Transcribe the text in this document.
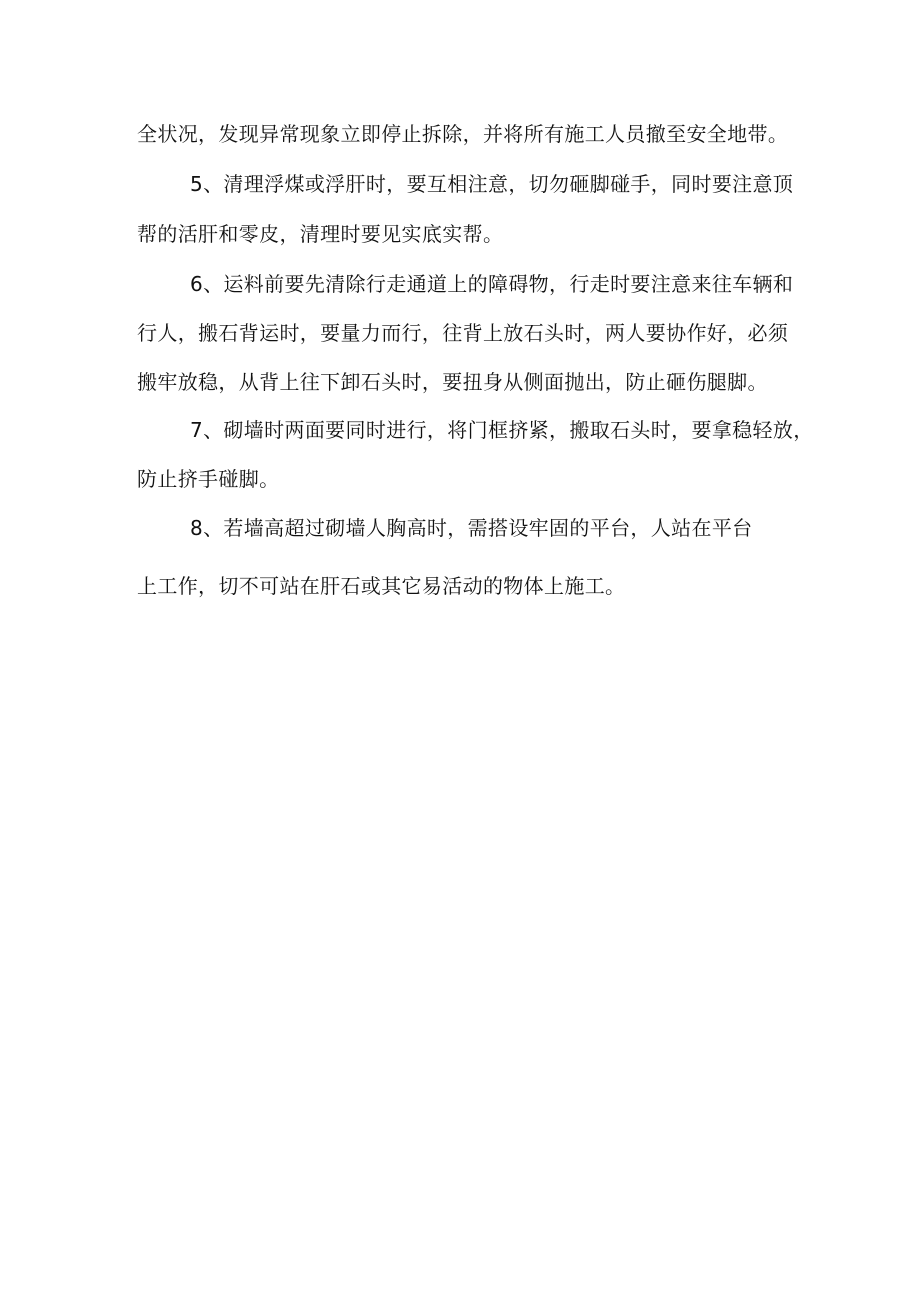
全状况，发现异常现象立即停止拆除，并将所有施工人员撤至安全地带。
5、清理浮煤或浮肝时，要互相注意，切勿砸脚碰手，同时要注意顶
帮的活肝和零皮，清理时要见实底实帮。
6、运料前要先清除行走通道上的障碍物，行走时要注意来往车辆和
行人，搬石背运时，要量力而行，往背上放石头时，两人要协作好，必须
搬牢放稳，从背上往下卸石头时，要扭身从侧面抛出，防止砸伤腿脚。
7、砌墙时两面要同时进行，将门框挤紧，搬取石头时，要拿稳轻放，
防止挤手碰脚。
8、若墙高超过砌墙人胸高时，需搭设牢固的平台，人站在平台
上工作，切不可站在肝石或其它易活动的物体上施工。
